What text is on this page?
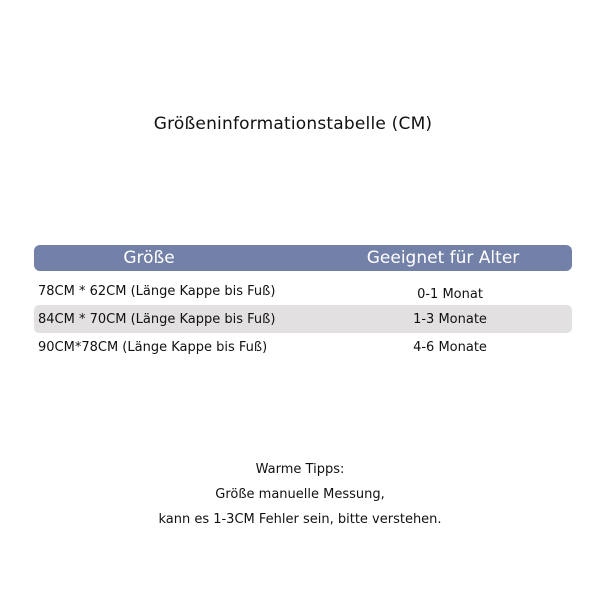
Größeninformationstabelle (CM)
Größe	Geeignet für Alter
78CM * 62CM (Länge Kappe bis Fuß)	0-1 Monat
84CM * 70CM (Länge Kappe bis Fuß)	1-3 Monate
90CM*78CM (Länge Kappe bis Fuß)	4-6 Monate
Warme Tipps:
Größe manuelle Messung,
kann es 1-3CM Fehler sein, bitte verstehen.
